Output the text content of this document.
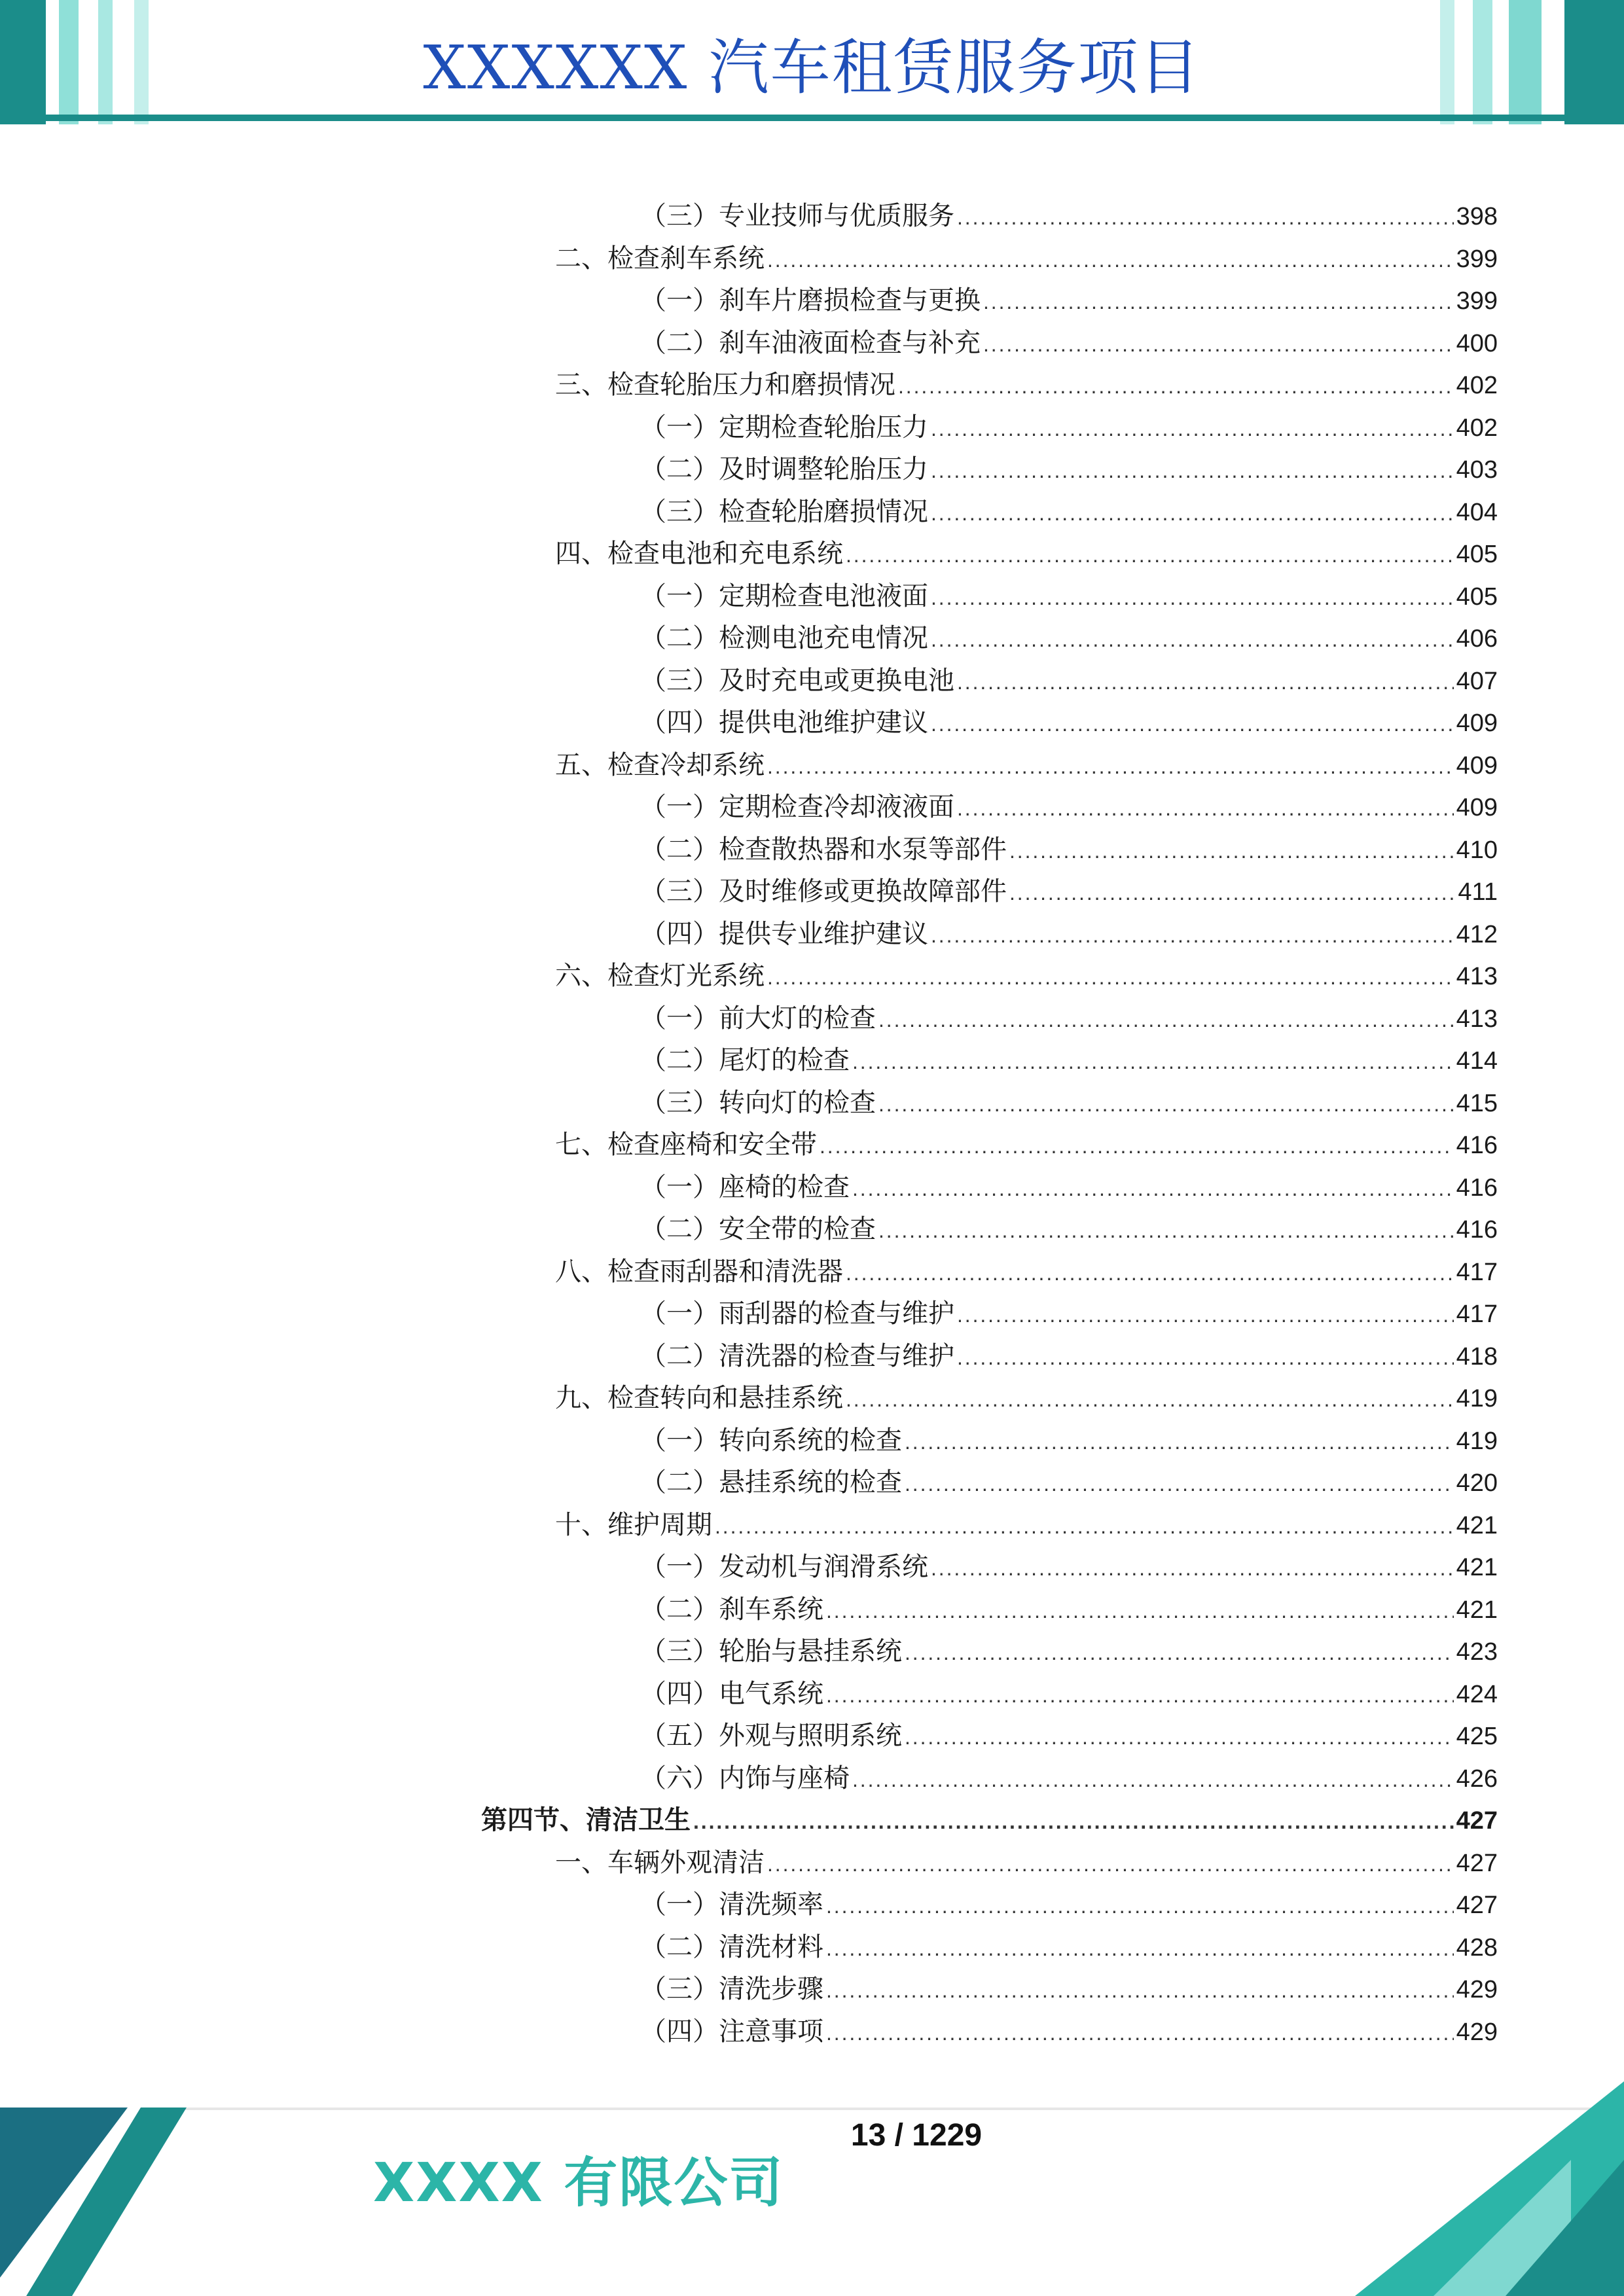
XXXXXX 汽车租赁服务项目
（三）专业技师与优质服务 . . .	398
二、检查刹车系统 . . .	399
（一）刹车片磨损检查与更换 . . .	399
（二）刹车油液面检查与补充 . . .	400
三、检查轮胎压力和磨损情况 . . .	402
（一）定期检查轮胎压力 . . .	402
（二）及时调整轮胎压力 . . .	403
（三）检查轮胎磨损情况 . . .	404
四、检查电池和充电系统 . . .	405
（一）定期检查电池液面 . . .	405
（二）检测电池充电情况 . . .	406
（三）及时充电或更换电池 . . .	407
（四）提供电池维护建议 . . .	409
五、检查冷却系统 . . .	409
（一）定期检查冷却液液面 . . .	409
（二）检查散热器和水泵等部件 . . .	410
（三）及时维修或更换故障部件 . . .	411
（四）提供专业维护建议 . . .	412
六、检查灯光系统 . . .	413
（一）前大灯的检查 . . .	413
（二）尾灯的检查 . . .	414
（三）转向灯的检查 . . .	415
七、检查座椅和安全带 . . .	416
（一）座椅的检查 . . .	416
（二）安全带的检查 . . .	416
八、检查雨刮器和清洗器 . . .	417
（一）雨刮器的检查与维护 . . .	417
（二）清洗器的检查与维护 . . .	418
九、检查转向和悬挂系统 . . .	419
（一）转向系统的检查 . . .	419
（二）悬挂系统的检查 . . .	420
十、维护周期 . . .	421
（一）发动机与润滑系统 . . .	421
（二）刹车系统 . . .	421
（三）轮胎与悬挂系统 . . .	423
（四）电气系统 . . .	424
（五）外观与照明系统 . . .	425
（六）内饰与座椅 . . .	426
第四节、清洁卫生 . . .	427
一、车辆外观清洁 . . .	427
（一）清洗频率 . . .	427
（二）清洗材料 . . .	428
（三）清洗步骤 . . .	429
（四）注意事项 . . .	429
13 / 1229
XXXX 有限公司
